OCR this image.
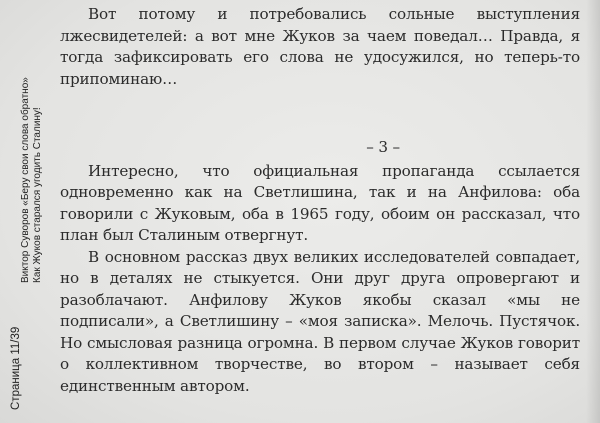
Страница 11/39
Виктор Суворов «Беру свои слова обратно» Как Жуков старался угодить Сталину!

Вот потому и потребовались сольные выступления лжесвидетелей: а вот мне Жуков за чаем поведал… Правда, я тогда зафиксировать его слова не удосужился, но теперь-то припоминаю…

– 3 –

Интересно, что официальная пропаганда ссылается одновременно как на Светлишина, так и на Анфилова: оба говорили с Жуковым, оба в 1965 году, обоим он рассказал, что план был Сталиным отвергнут.

В основном рассказ двух великих исследователей совпадает, но в деталях не стыкуется. Они друг друга опровергают и разоблачают. Анфилову Жуков якобы сказал «мы не подписали», а Светлишину – «моя записка». Мелочь. Пустячок. Но смысловая разница огромна. В первом случае Жуков говорит о коллективном творчестве, во втором – называет себя единственным автором.
